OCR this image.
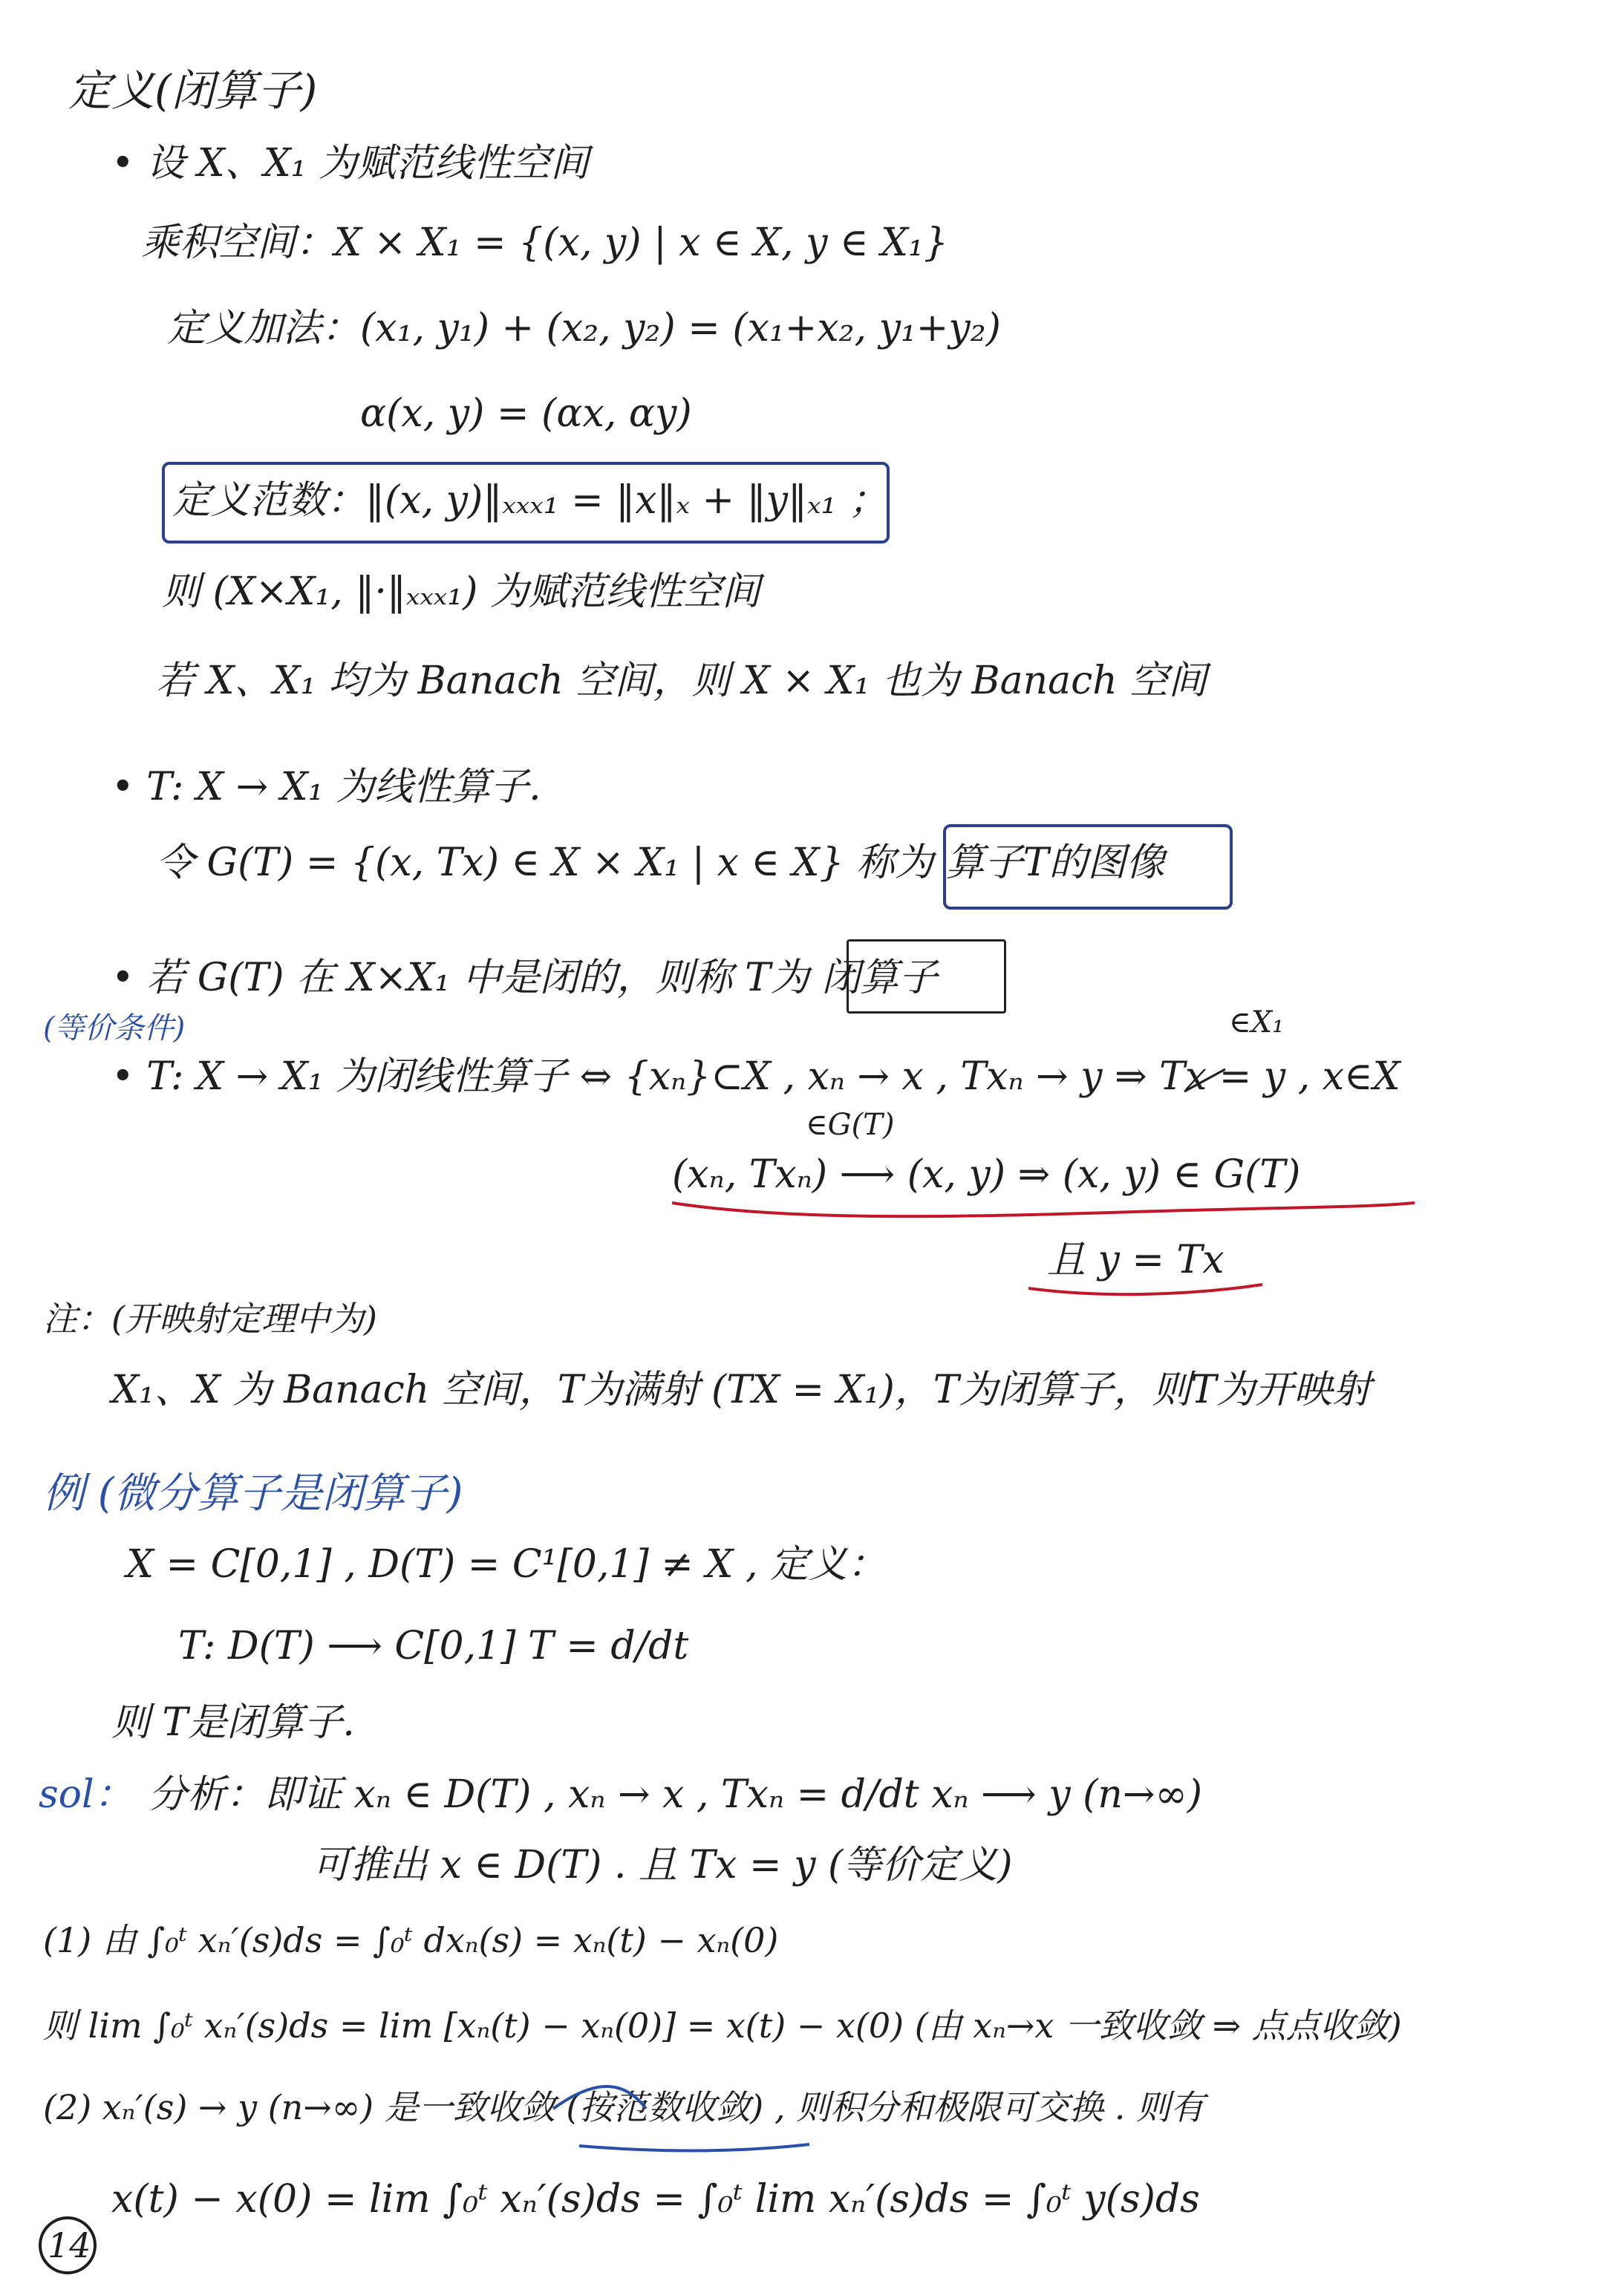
定义(闭算子)
• 设 X、X₁ 为赋范线性空间
乘积空间：X × X₁ = {(x, y) | x ∈ X, y ∈ X₁}
定义加法：(x₁, y₁) + (x₂, y₂) = (x₁+x₂, y₁+y₂)
α(x, y) = (αx, αy)
定义范数：‖(x, y)‖ₓₓₓ₁ = ‖x‖ₓ + ‖y‖ₓ₁ ；
则 (X×X₁, ‖·‖ₓₓₓ₁) 为赋范线性空间
若 X、X₁ 均为 Banach 空间，则 X × X₁ 也为 Banach 空间
• T: X → X₁ 为线性算子.
令 G(T) = {(x, Tx) ∈ X × X₁ | x ∈ X} 称为 算子T的图像
• 若 G(T) 在 X×X₁ 中是闭的，则称 T为 闭算子
(等价条件)	∈X₁
• T: X → X₁ 为闭线性算子 ⇔ {xₙ}⊂X , xₙ → x , Txₙ → y ⇒ Tx = y , x∈X
∈G(T)
(xₙ, Txₙ) ⟶ (x, y) ⇒ (x, y) ∈ G(T)
且 y = Tx
注：(开映射定理中为)
X₁、X 为 Banach 空间，T为满射 (TX = X₁)，T为闭算子，则T为开映射
例 (微分算子是闭算子)
X = C[0,1] , D(T) = C¹[0,1] ≠ X , 定义：
T: D(T) ⟶ C[0,1] T = d/dt
则 T是闭算子.
sol： 分析：即证 xₙ ∈ D(T) , xₙ → x , Txₙ = d/dt xₙ ⟶ y (n→∞)
可推出 x ∈ D(T) . 且 Tx = y (等价定义)
(1) 由 ∫₀ᵗ xₙ′(s)ds = ∫₀ᵗ dxₙ(s) = xₙ(t) − xₙ(0)
则 lim ∫₀ᵗ xₙ′(s)ds = lim [xₙ(t) − xₙ(0)] = x(t) − x(0) (由 xₙ→x 一致收敛 ⇒ 点点收敛)
(2) xₙ′(s) → y (n→∞) 是一致收敛 (按范数收敛) , 则积分和极限可交换 . 则有
x(t) − x(0) = lim ∫₀ᵗ xₙ′(s)ds = ∫₀ᵗ lim xₙ′(s)ds = ∫₀ᵗ y(s)ds
14
